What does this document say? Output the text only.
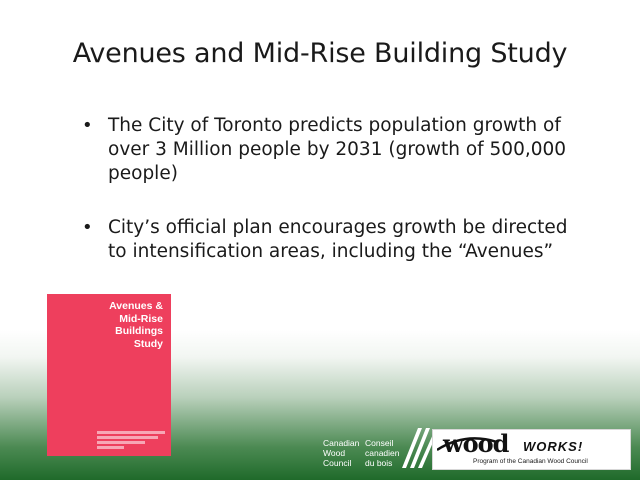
Avenues and Mid-Rise Building Study
• The City of Toronto predicts population growth of over 3 Million people by 2031 (growth of 500,000 people)
• City’s official plan encourages growth be directed to intensification areas, including the “Avenues”
Avenues &
Mid-Rise
Buildings
Study
Canadian
Wood
Council
Conseil
canadien
du bois
wood WORKS!
Program of the Canadian Wood Council
